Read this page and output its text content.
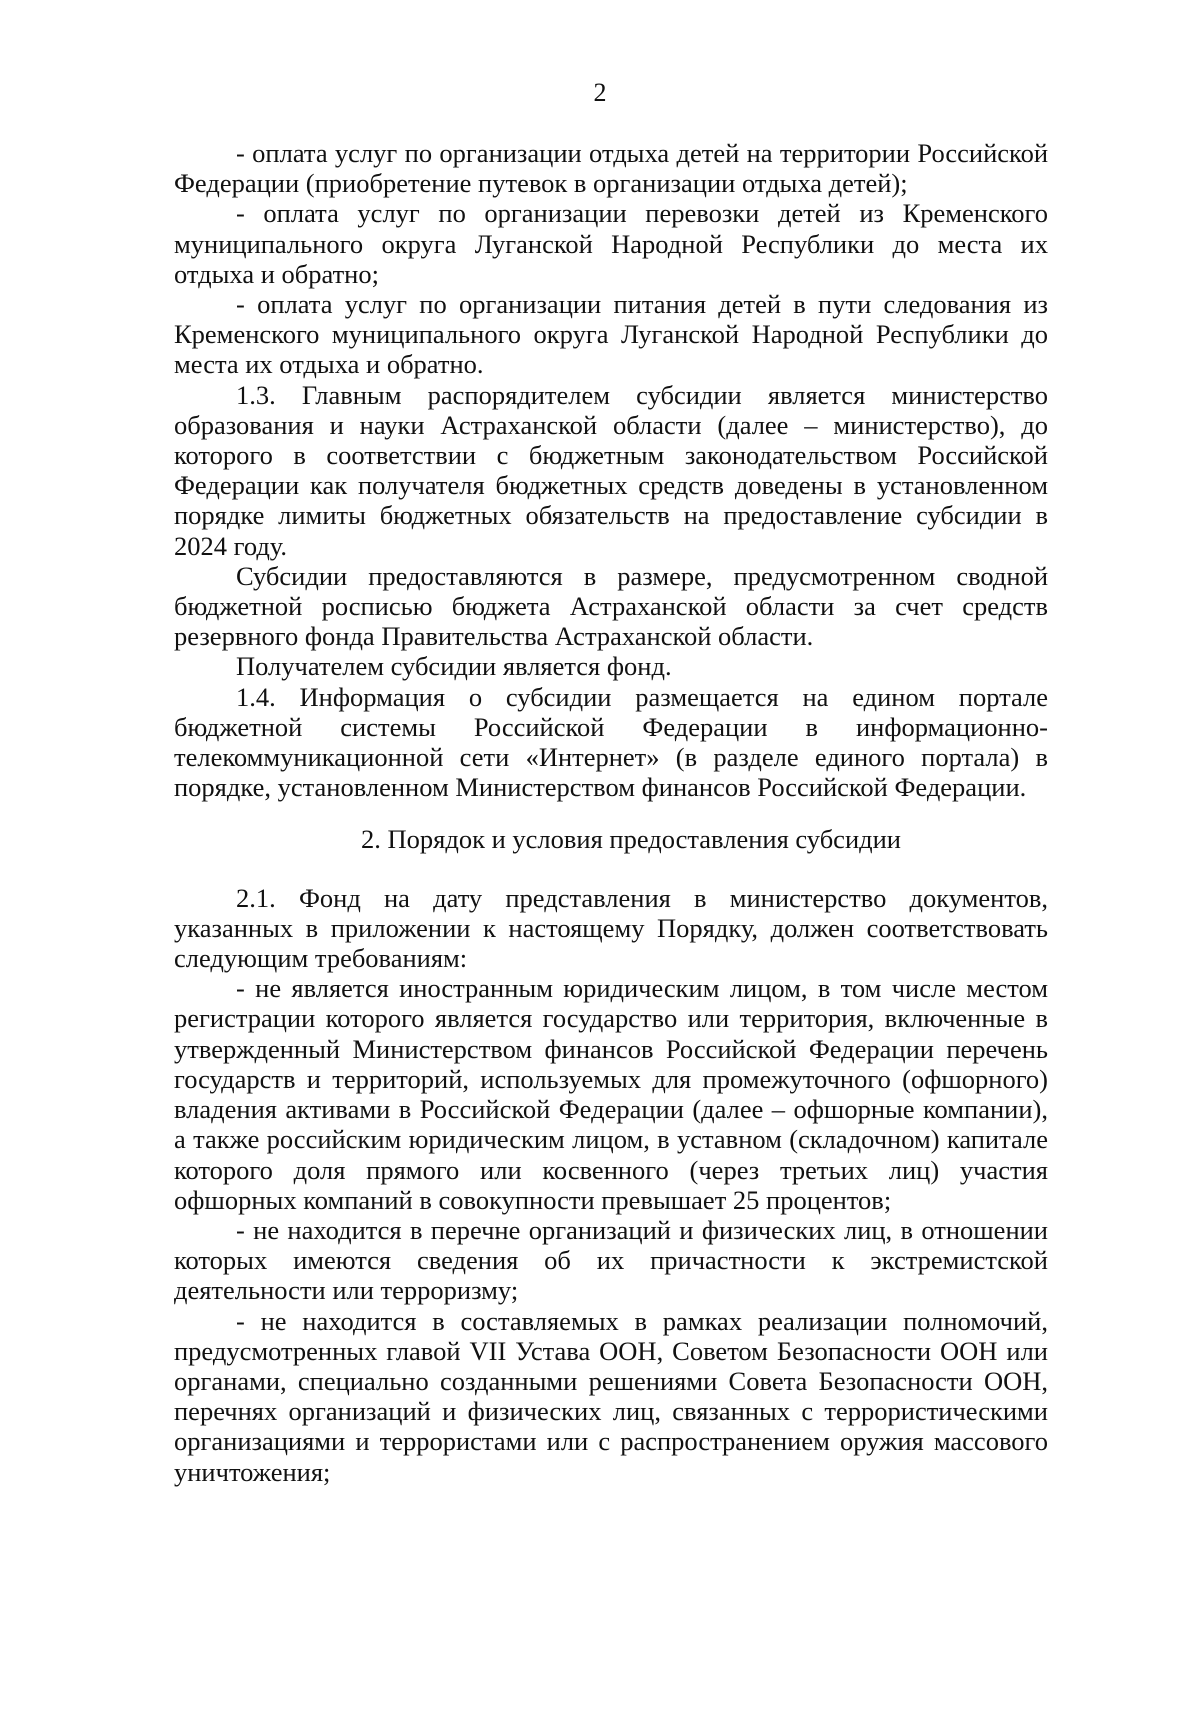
2

- оплата услуг по организации отдыха детей на территории Российской Федерации (приобретение путевок в организации отдыха детей);

- оплата услуг по организации перевозки детей из Кременского муниципального округа Луганской Народной Республики до места их отдыха и обратно;

- оплата услуг по организации питания детей в пути следования из Кременского муниципального округа Луганской Народной Республики до места их отдыха и обратно.

1.3. Главным распорядителем субсидии является министерство образования и науки Астраханской области (далее – министерство), до которого в соответствии с бюджетным законодательством Российской Федерации как получателя бюджетных средств доведены в установленном порядке лимиты бюджетных обязательств на предоставление субсидии в 2024 году.

Субсидии предоставляются в размере, предусмотренном сводной бюджетной росписью бюджета Астраханской области за счет средств резервного фонда Правительства Астраханской области.

Получателем субсидии является фонд.

1.4. Информация о субсидии размещается на едином портале бюджетной системы Российской Федерации в информационно-телекоммуникационной сети «Интернет» (в разделе единого портала) в порядке, установленном Министерством финансов Российской Федерации.

2. Порядок и условия предоставления субсидии

2.1. Фонд на дату представления в министерство документов, указанных в приложении к настоящему Порядку, должен соответствовать следующим требованиям:

- не является иностранным юридическим лицом, в том числе местом регистрации которого является государство или территория, включенные в утвержденный Министерством финансов Российской Федерации перечень государств и территорий, используемых для промежуточного (офшорного) владения активами в Российской Федерации (далее – офшорные компании), а также российским юридическим лицом, в уставном (складочном) капитале которого доля прямого или косвенного (через третьих лиц) участия офшорных компаний в совокупности превышает 25 процентов;

- не находится в перечне организаций и физических лиц, в отношении которых имеются сведения об их причастности к экстремистской деятельности или терроризму;

- не находится в составляемых в рамках реализации полномочий, предусмотренных главой VII Устава ООН, Советом Безопасности ООН или органами, специально созданными решениями Совета Безопасности ООН, перечнях организаций и физических лиц, связанных с террористическими организациями и террористами или с распространением оружия массового уничтожения;
